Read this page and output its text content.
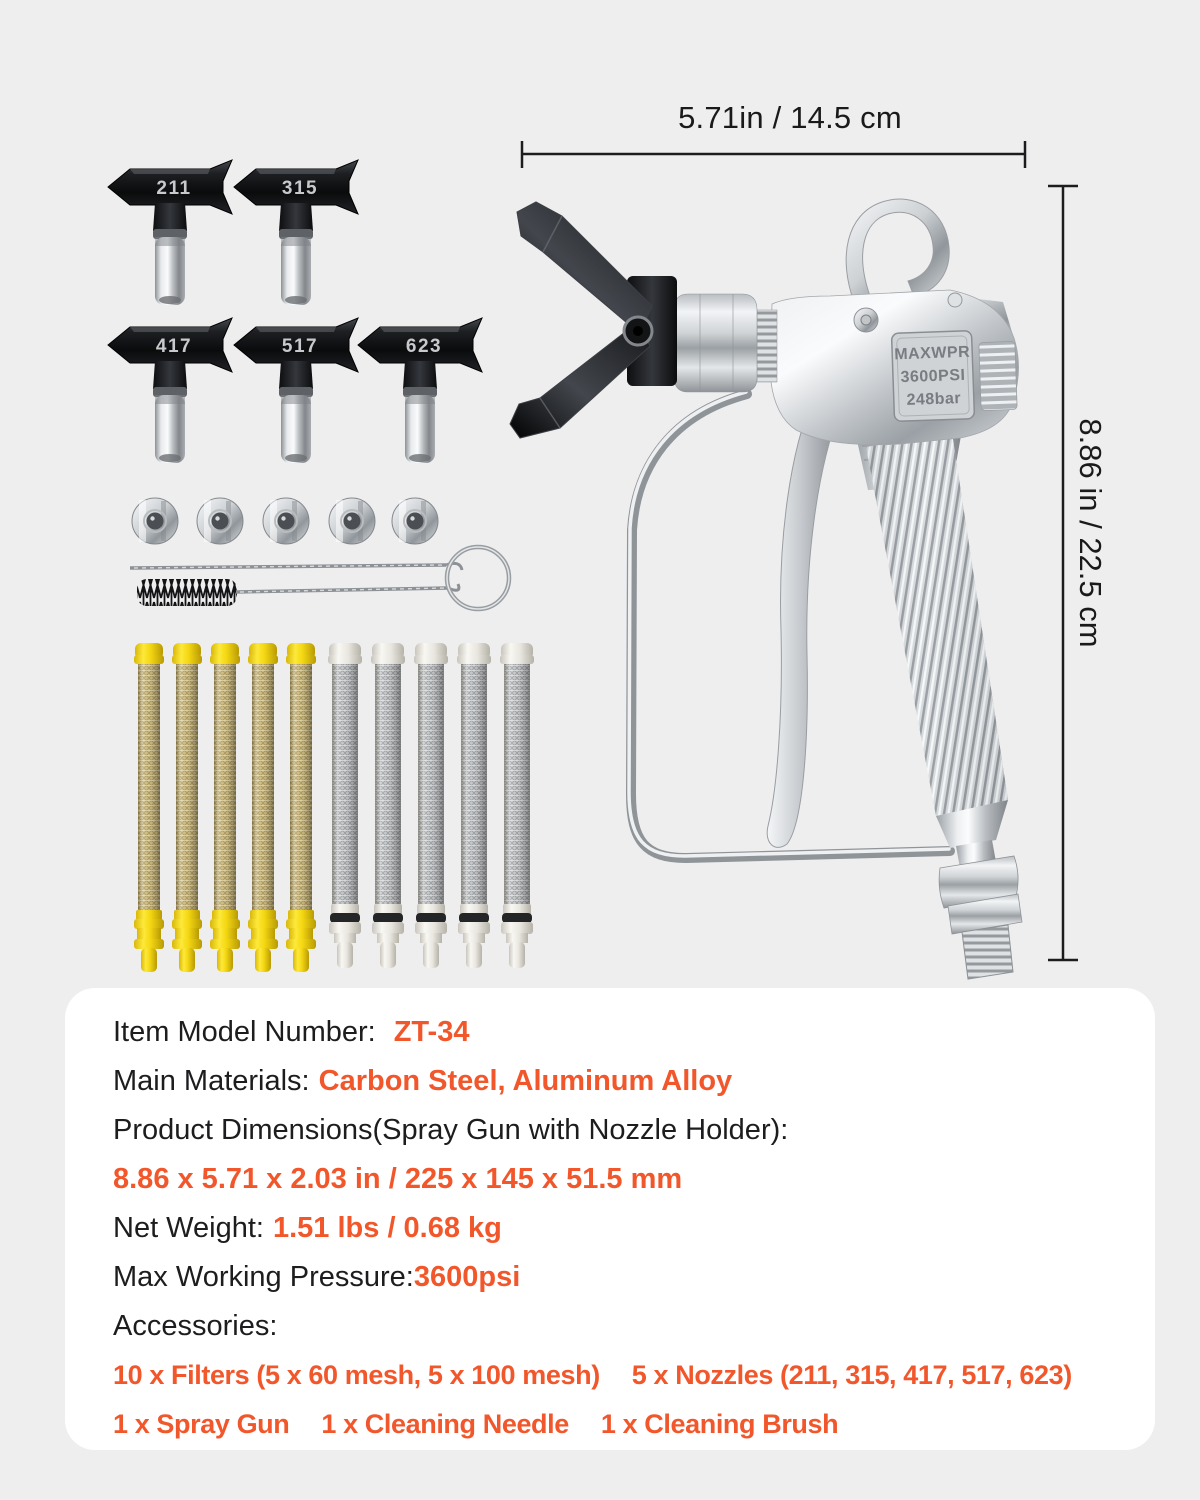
211	315
417	517	623	MAXWPR
3600PSI
248bar
5.71in / 14.5 cm
8.86 in / 22.5 cm
Item Model Number: ZT-34
Main Materials: Carbon Steel, Aluminum Alloy
Product Dimensions(Spray Gun with Nozzle Holder):
8.86 x 5.71 x 2.03 in / 225 x 145 x 51.5 mm
Net Weight: 1.51 lbs / 0.68 kg
Max Working Pressure: 3600psi
Accessories:
10 x Filters (5 x 60 mesh, 5 x 100 mesh) 5 x Nozzles (211, 315, 417, 517, 623)
1 x Spray Gun 1 x Cleaning Needle 1 x Cleaning Brush
